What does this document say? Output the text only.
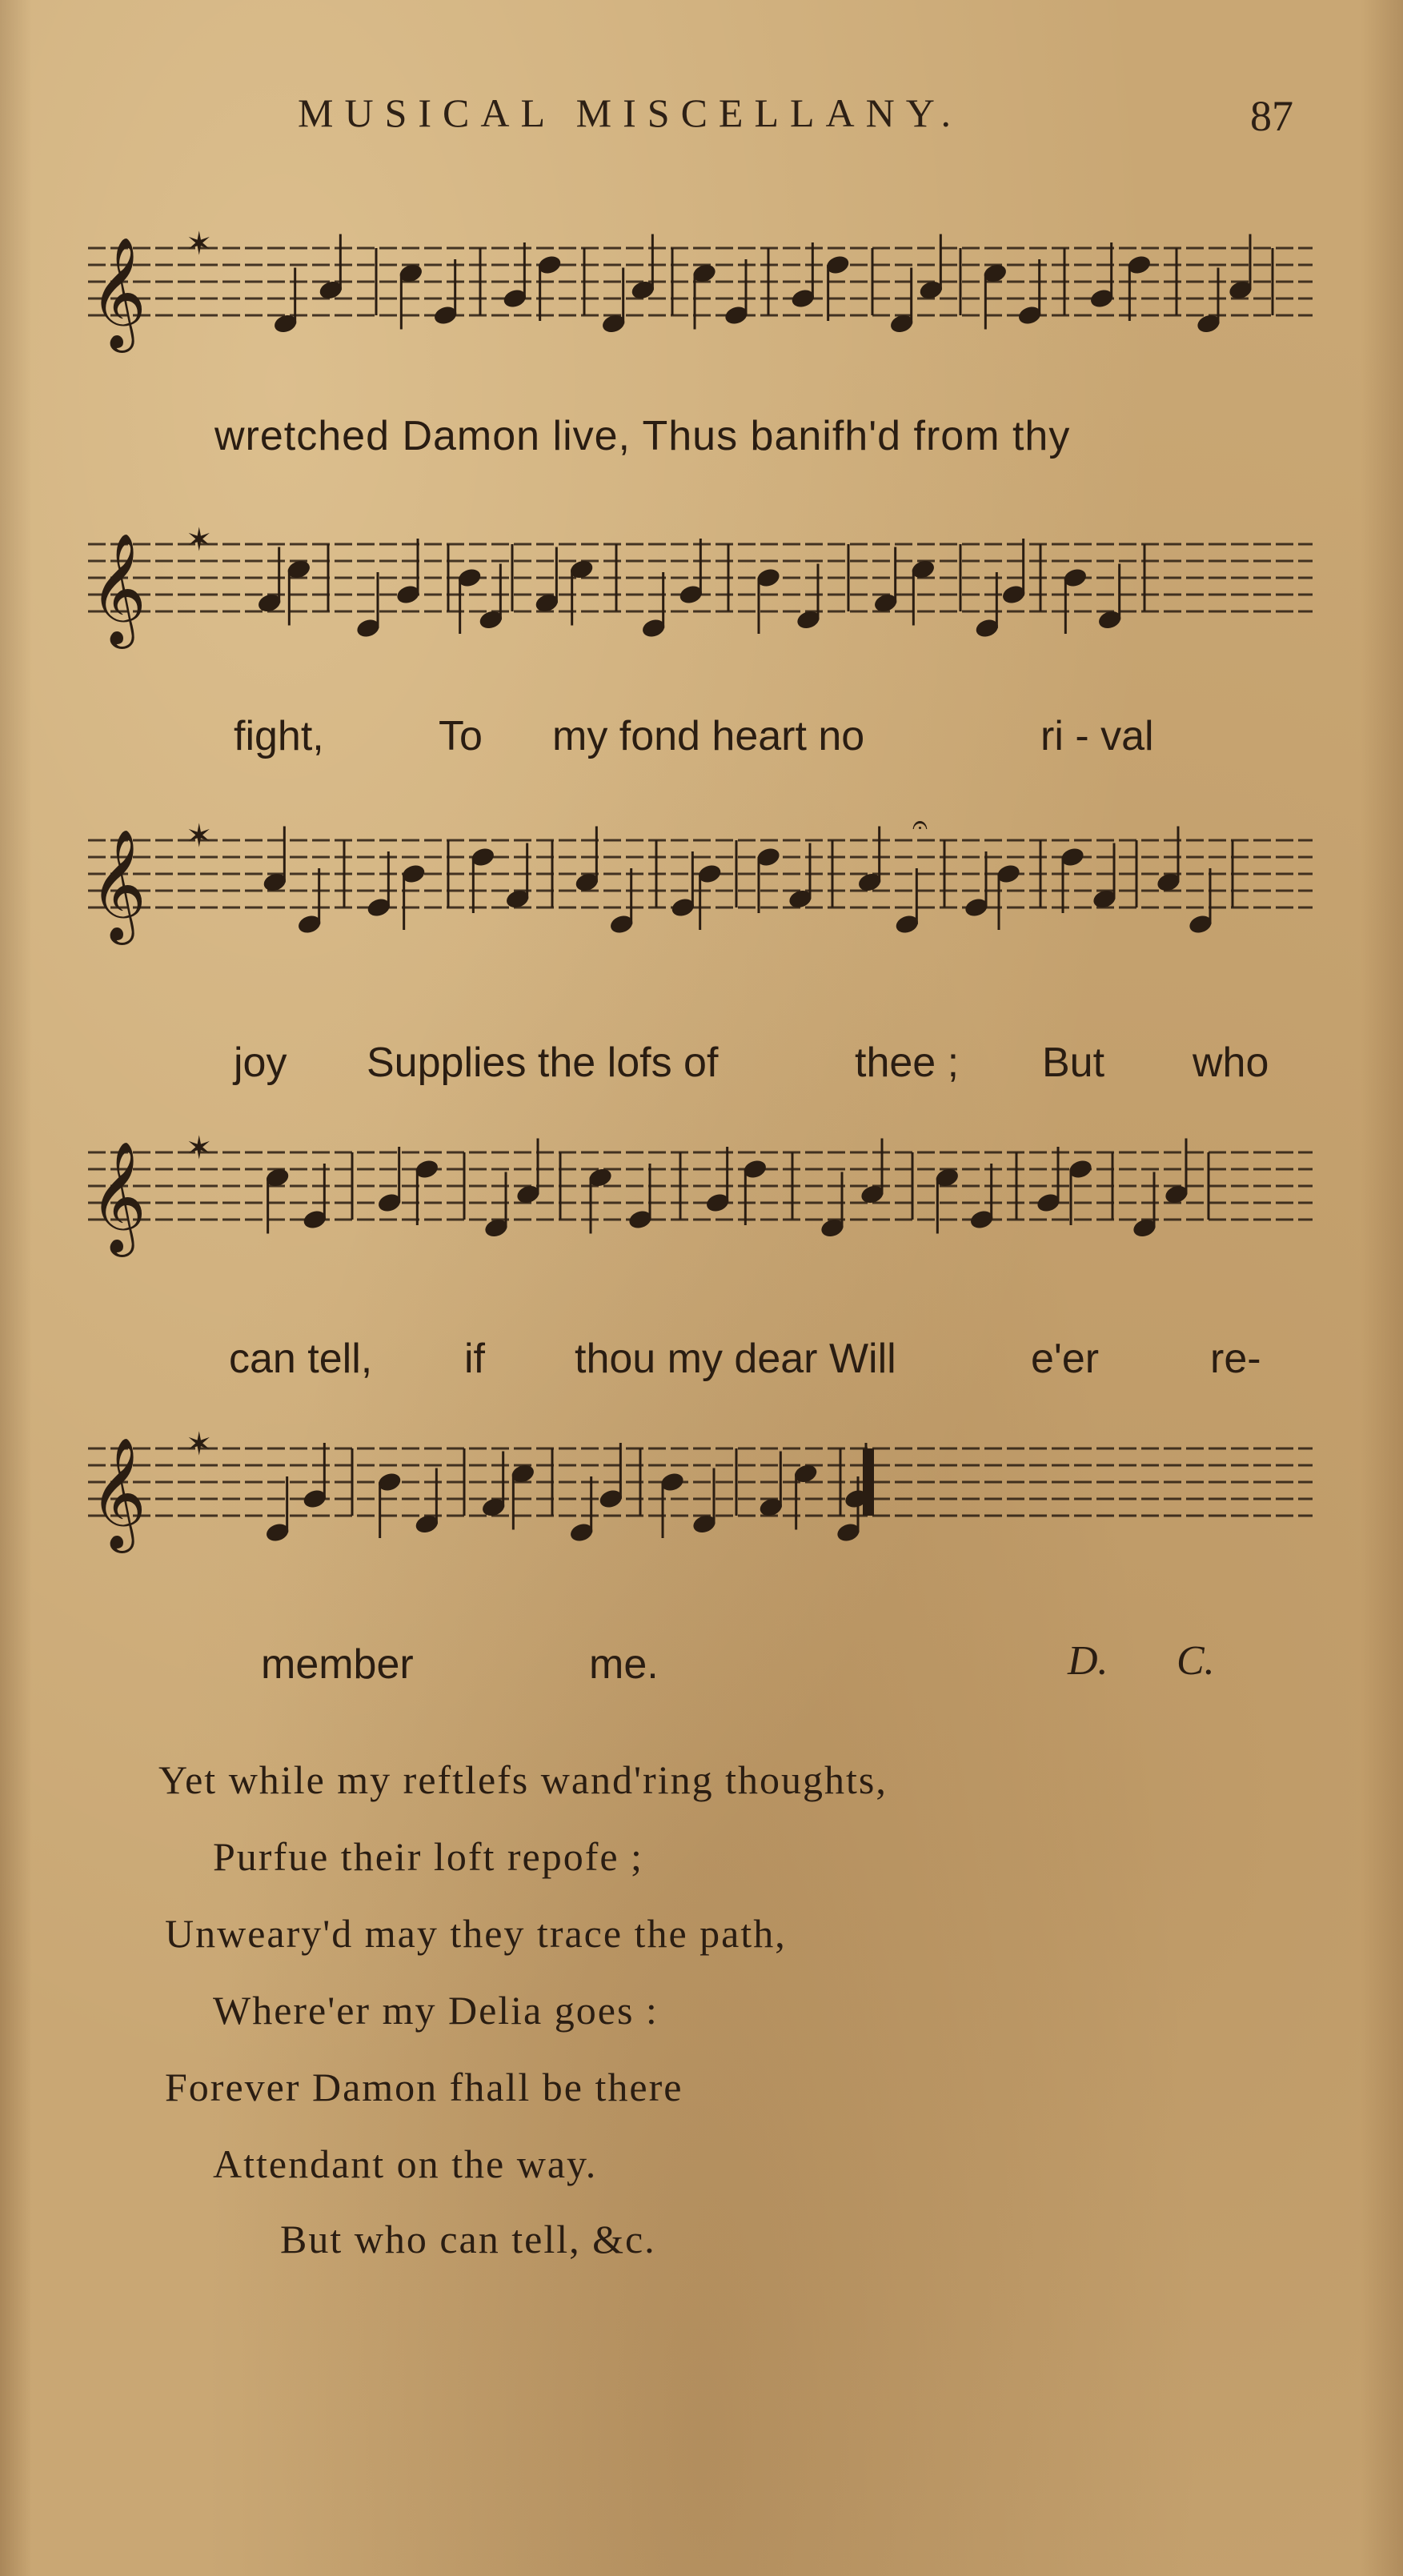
MUSICAL MISCELLANY.	87
𝄞 ✶
wretched Damon live, Thus banifh'd from thy
𝄞 ✶
fight,	To my fond heart no	ri - val
𝄞 ✶	𝄐
joy Supplies the lofs of	thee ; But who
𝄞 ✶
can tell, if thou my dear Will	e'er	re-
𝄞 ✶
member	me.	D. C.
Yet while my reftlefs wand'ring thoughts,
Purfue their loft repofe ;
Unweary'd may they trace the path,
Where'er my Delia goes :
Forever Damon fhall be there
Attendant on the way.
But who can tell, &c.
